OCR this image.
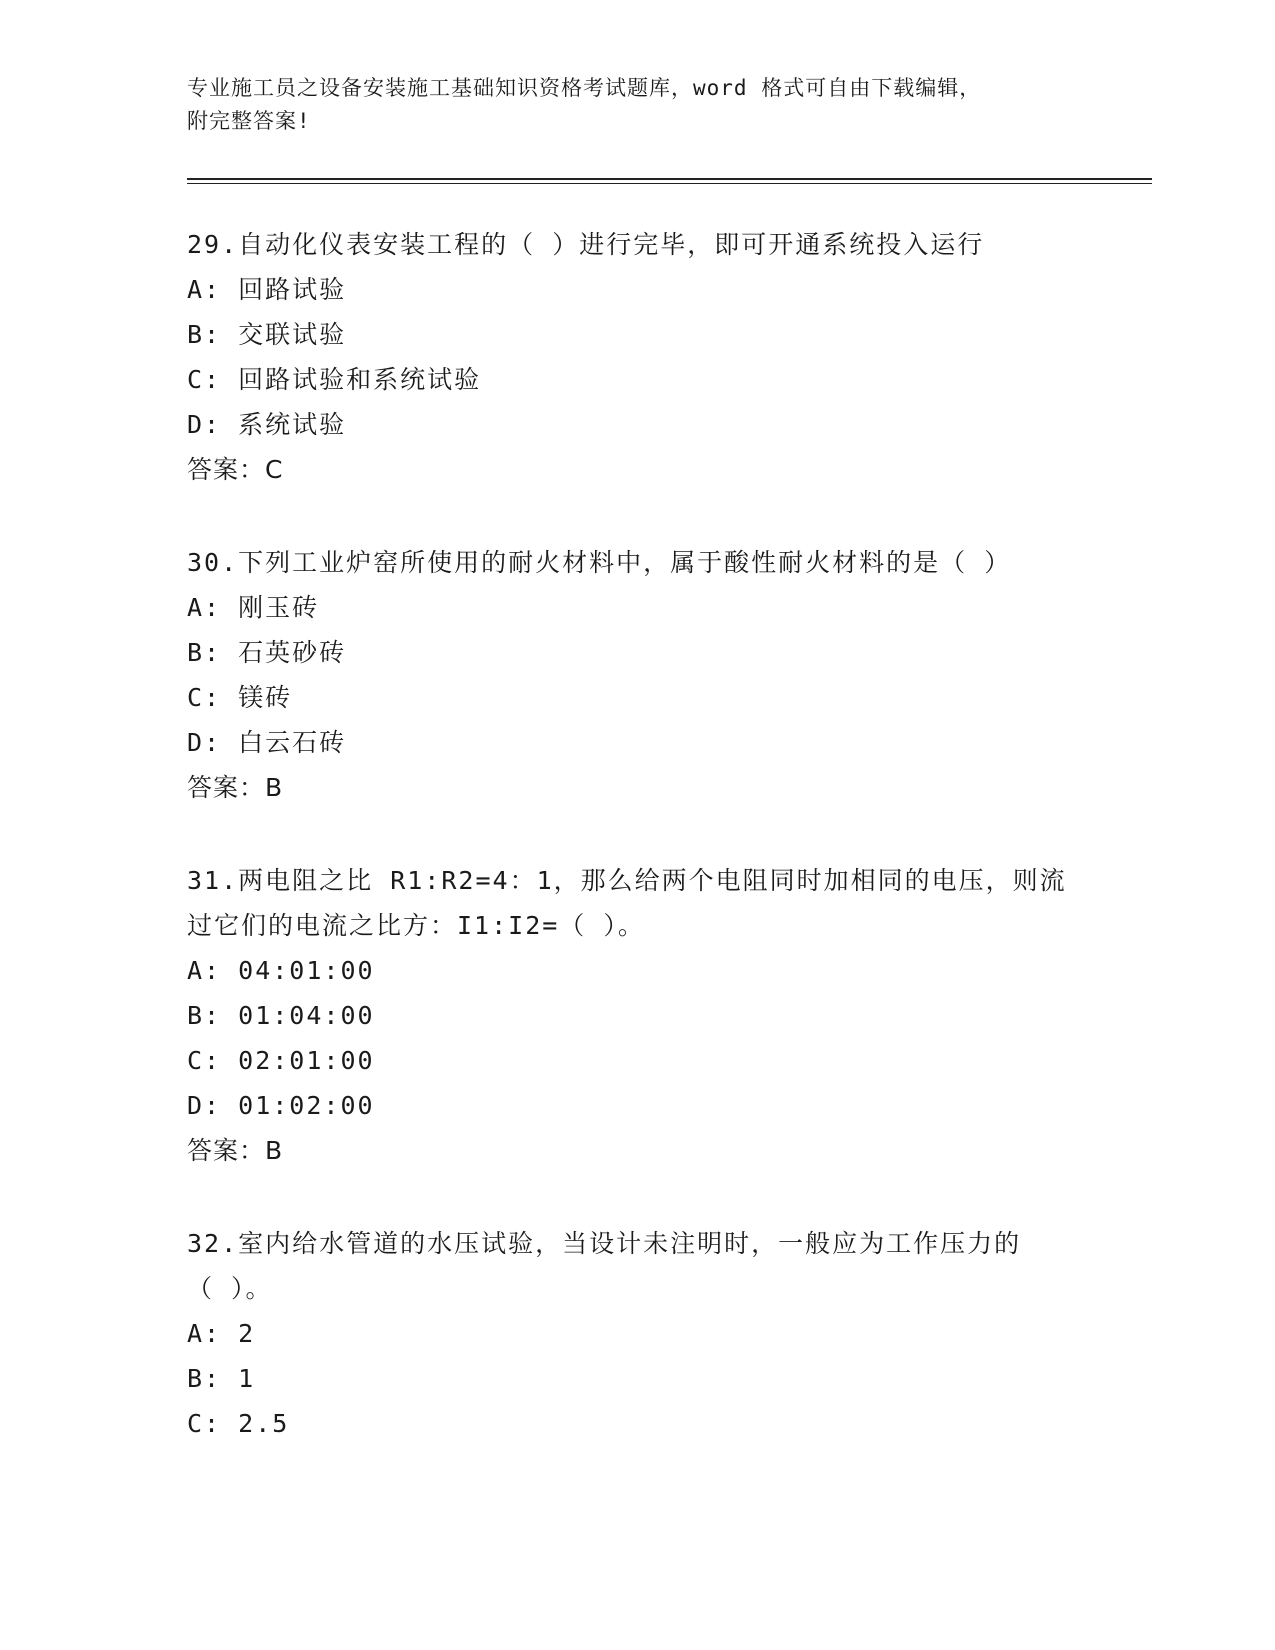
专业施工员之设备安装施工基础知识资格考试题库，word 格式可自由下载编辑，
附完整答案!
29.自动化仪表安装工程的（ ）进行完毕，即可开通系统投入运行
A: 回路试验
B: 交联试验
C: 回路试验和系统试验
D: 系统试验
答案：C
30.下列工业炉窑所使用的耐火材料中，属于酸性耐火材料的是（ ）
A: 刚玉砖
B: 石英砂砖
C: 镁砖
D: 白云石砖
答案：B
31.两电阻之比 R1:R2=4：1，那么给两个电阻同时加相同的电压，则流
过它们的电流之比方：I1:I2=（ ）。
A: 04:01:00
B: 01:04:00
C: 02:01:00
D: 01:02:00
答案：B
32.室内给水管道的水压试验，当设计未注明时，一般应为工作压力的
（ ）。
A: 2
B: 1
C: 2.5
